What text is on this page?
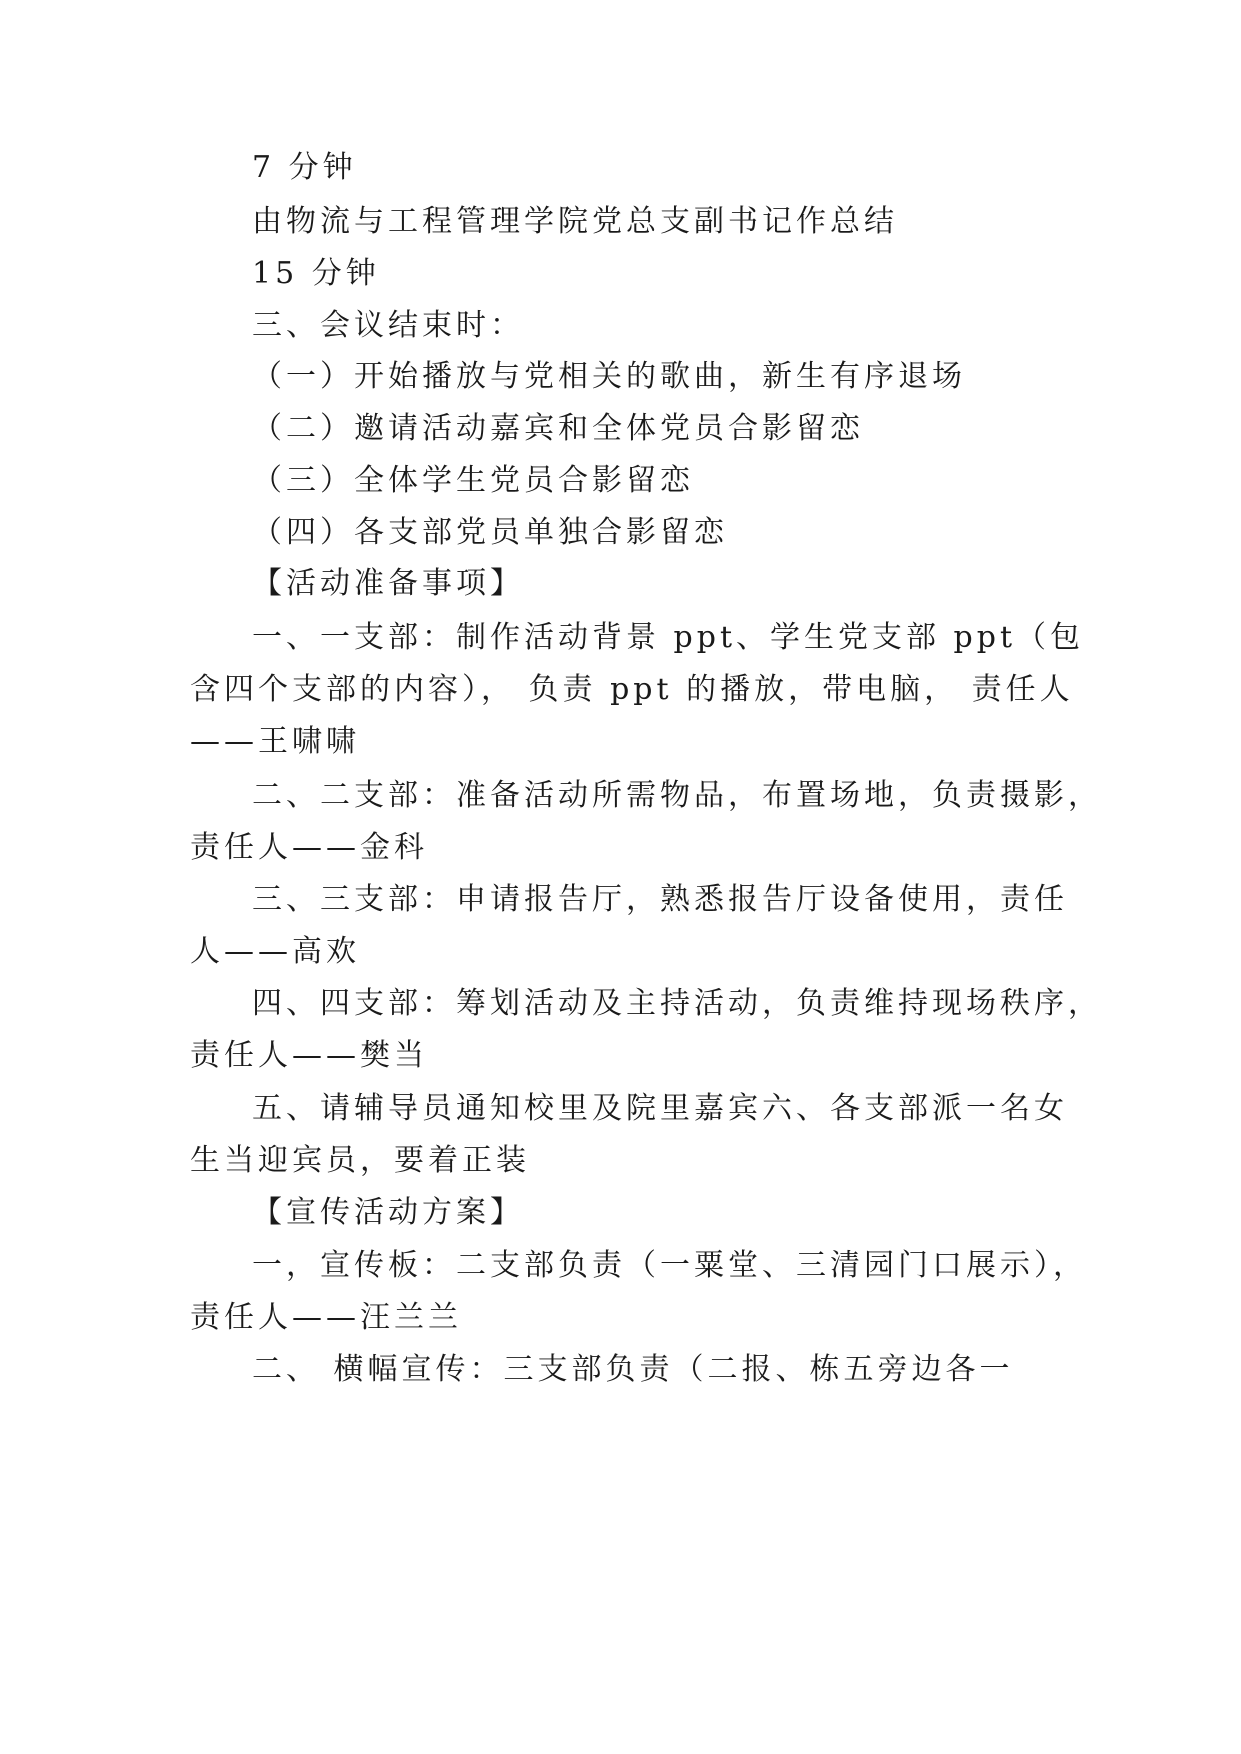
7 分钟
由物流与工程管理学院党总支副书记作总结
15 分钟
三、会议结束时：
（一）开始播放与党相关的歌曲，新生有序退场
（二）邀请活动嘉宾和全体党员合影留恋
（三）全体学生党员合影留恋
（四）各支部党员单独合影留恋
【活动准备事项】
一、一支部：制作活动背景 ppt、学生党支部 ppt（包
含四个支部的内容）， 负责 ppt 的播放，带电脑， 责任人
——王啸啸
二、二支部：准备活动所需物品，布置场地，负责摄影，
责任人——金科
三、三支部：申请报告厅，熟悉报告厅设备使用，责任
人——高欢
四、四支部：筹划活动及主持活动，负责维持现场秩序，
责任人——樊当
五、请辅导员通知校里及院里嘉宾六、各支部派一名女
生当迎宾员，要着正装
【宣传活动方案】
一，宣传板：二支部负责（一粟堂、三清园门口展示），
责任人——汪兰兰
二、 横幅宣传：三支部负责（二报、栋五旁边各一
